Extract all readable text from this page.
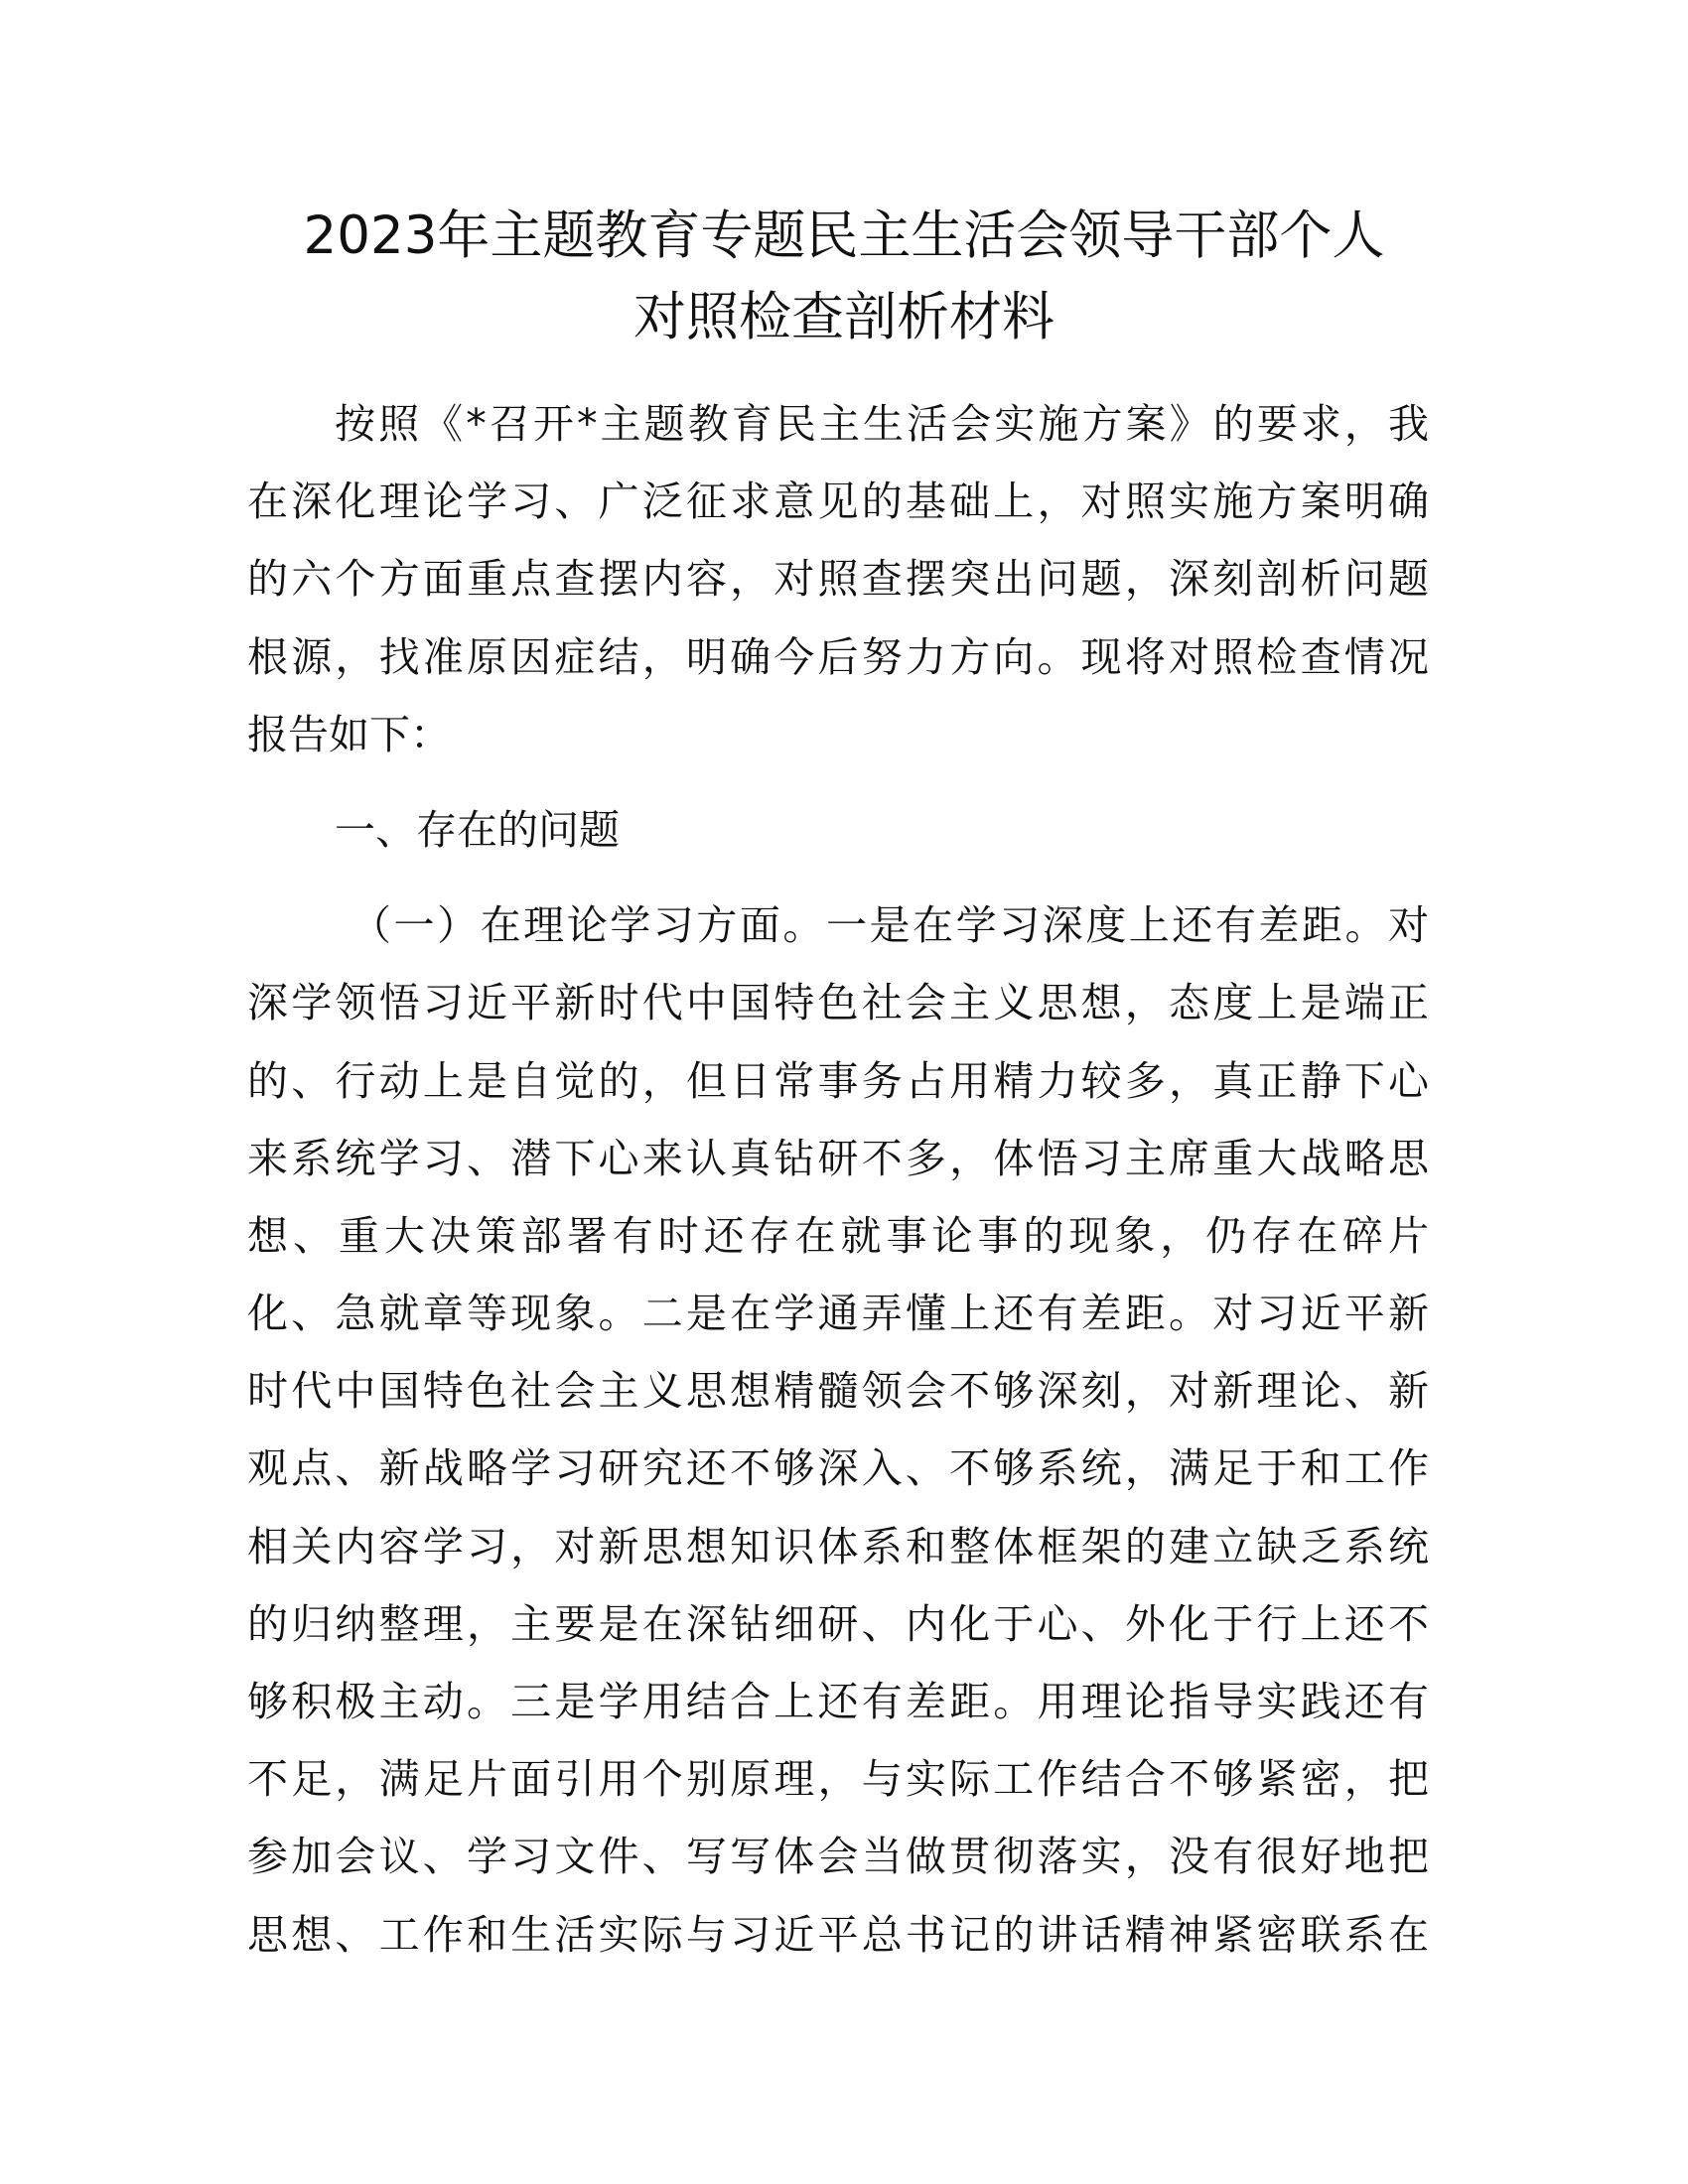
2023年主题教育专题民主生活会领导干部个人
对照检查剖析材料
按照《*召开*主题教育民主生活会实施方案》的要求，我
在深化理论学习、广泛征求意见的基础上，对照实施方案明确
的六个方面重点查摆内容，对照查摆突出问题，深刻剖析问题
根源，找准原因症结，明确今后努力方向。现将对照检查情况
报告如下：
一、存在的问题
（一）在理论学习方面。一是在学习深度上还有差距。对
深学领悟习近平新时代中国特色社会主义思想，态度上是端正
的、行动上是自觉的，但日常事务占用精力较多，真正静下心
来系统学习、潜下心来认真钻研不多，体悟习主席重大战略思
想、重大决策部署有时还存在就事论事的现象，仍存在碎片
化、急就章等现象。二是在学通弄懂上还有差距。对习近平新
时代中国特色社会主义思想精髓领会不够深刻，对新理论、新
观点、新战略学习研究还不够深入、不够系统，满足于和工作
相关内容学习，对新思想知识体系和整体框架的建立缺乏系统
的归纳整理，主要是在深钻细研、内化于心、外化于行上还不
够积极主动。三是学用结合上还有差距。用理论指导实践还有
不足，满足片面引用个别原理，与实际工作结合不够紧密，把
参加会议、学习文件、写写体会当做贯彻落实，没有很好地把
思想、工作和生活实际与习近平总书记的讲话精神紧密联系在
